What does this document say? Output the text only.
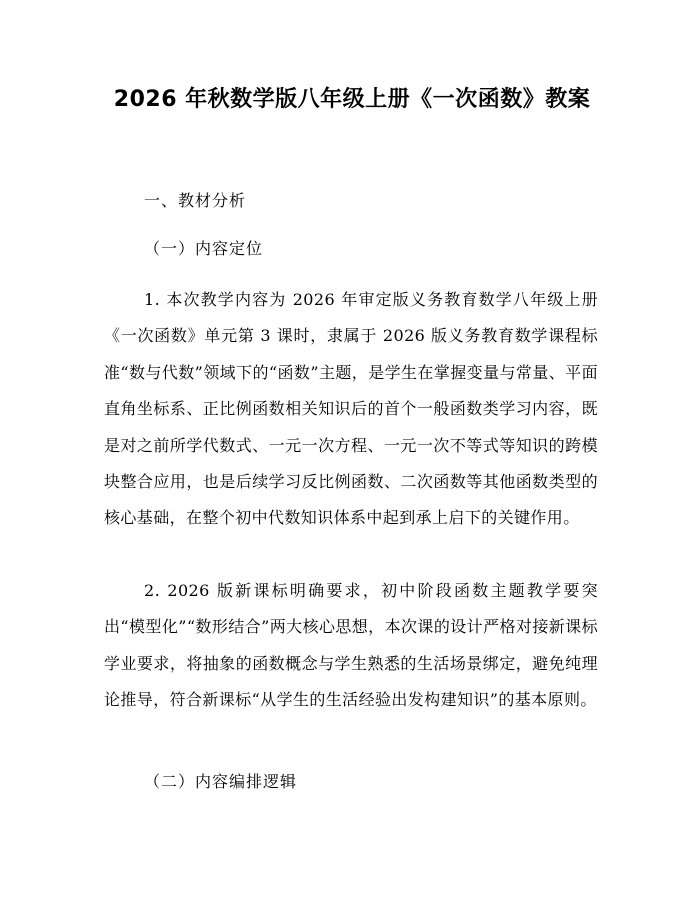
2026 年秋数学版八年级上册《一次函数》教案
一、教材分析
（一）内容定位
1. 本次教学内容为 2026 年审定版义务教育数学八年级上册《一次函数》单元第 3 课时，隶属于 2026 版义务教育数学课程标准“数与代数”领域下的“函数”主题，是学生在掌握变量与常量、平面直角坐标系、正比例函数相关知识后的首个一般函数类学习内容，既是对之前所学代数式、一元一次方程、一元一次不等式等知识的跨模块整合应用，也是后续学习反比例函数、二次函数等其他函数类型的核心基础，在整个初中代数知识体系中起到承上启下的关键作用。
2. 2026 版新课标明确要求，初中阶段函数主题教学要突出“模型化”“数形结合”两大核心思想，本次课的设计严格对接新课标学业要求，将抽象的函数概念与学生熟悉的生活场景绑定，避免纯理论推导，符合新课标“从学生的生活经验出发构建知识”的基本原则。
（二）内容编排逻辑
